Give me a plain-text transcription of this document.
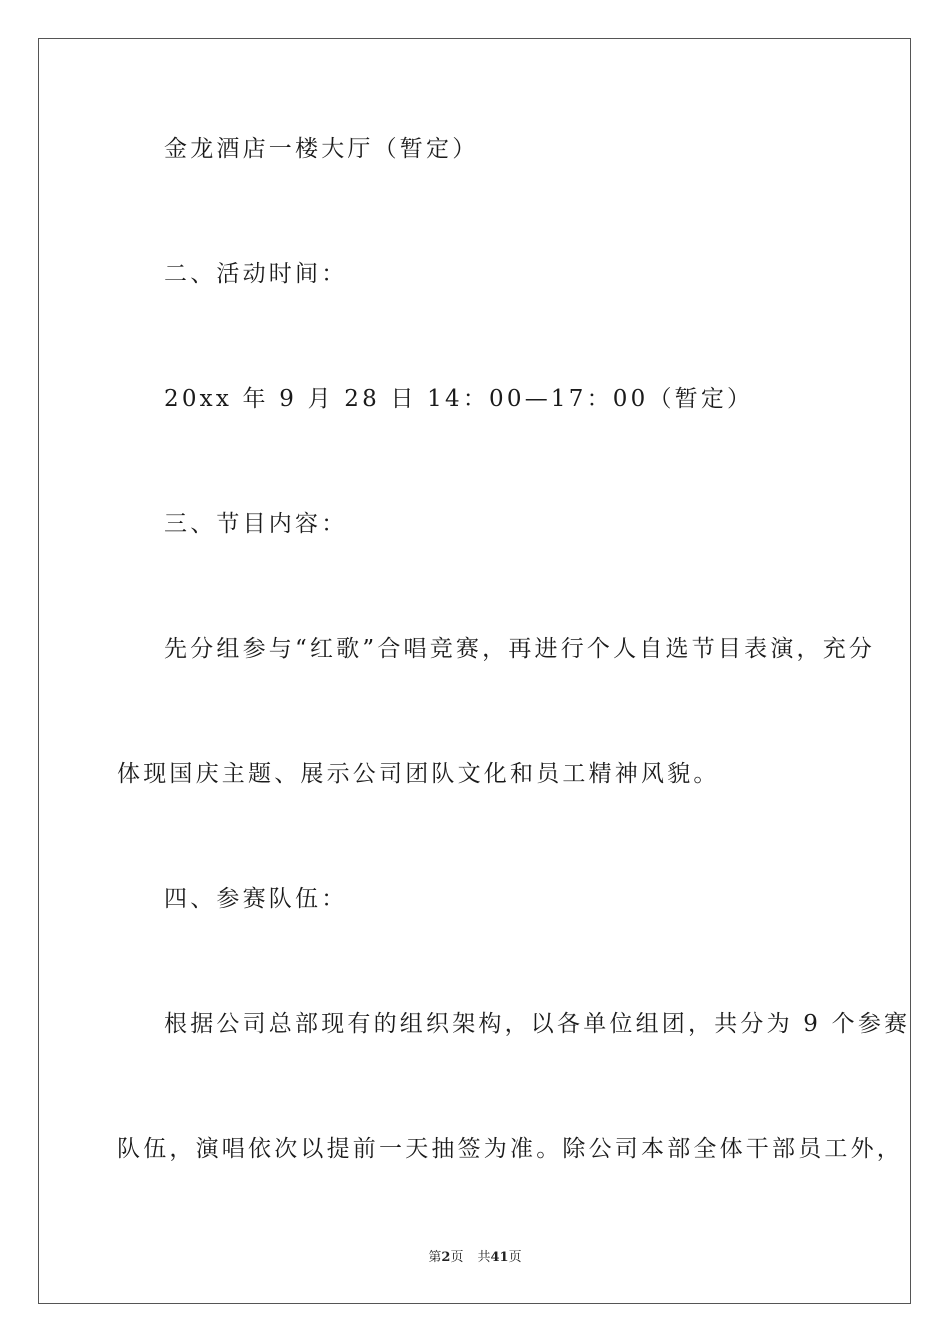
金龙酒店一楼大厅（暂定）
二、活动时间：
20xx 年 9 月 28 日 14：00—17：00（暂定）
三、节目内容：
先分组参与“红歌”合唱竞赛，再进行个人自选节目表演，充分
体现国庆主题、展示公司团队文化和员工精神风貌。
四、参赛队伍：
根据公司总部现有的组织架构，以各单位组团，共分为 9 个参赛
队伍，演唱依次以提前一天抽签为准。除公司本部全体干部员工外，
第2页 共41页
